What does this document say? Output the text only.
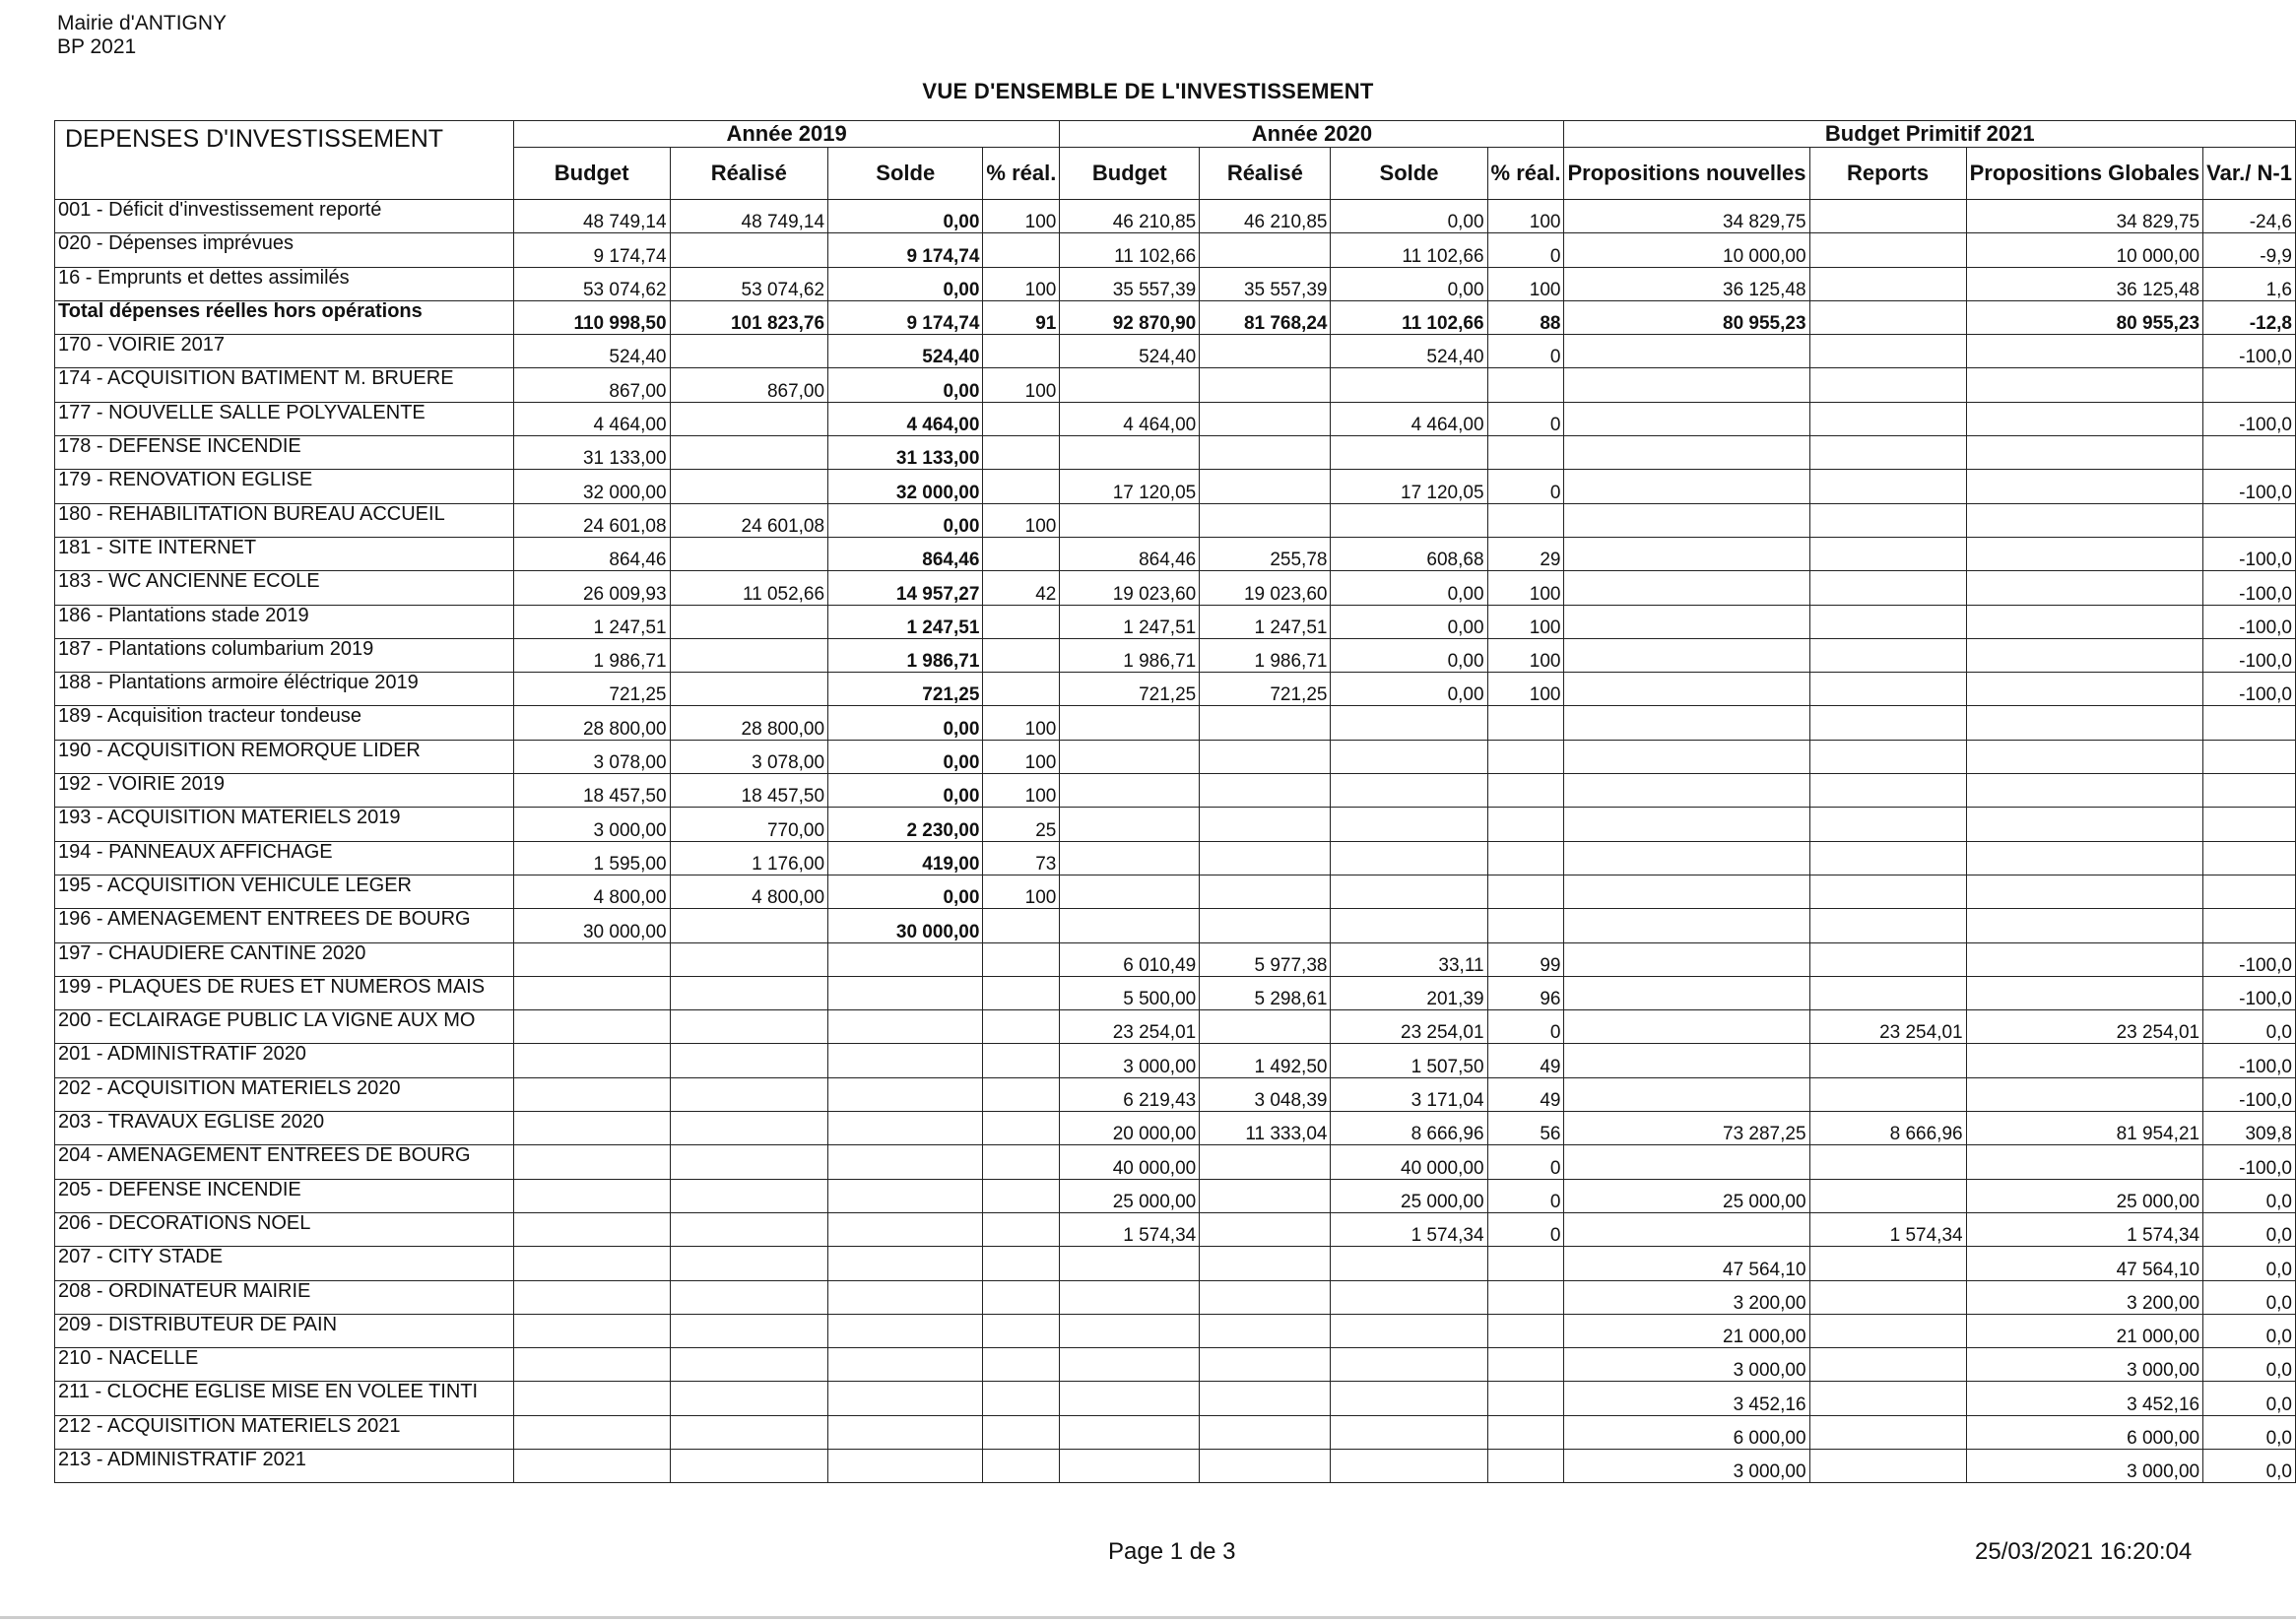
Mairie d'ANTIGNY
BP 2021
VUE D'ENSEMBLE DE L'INVESTISSEMENT
DEPENSES D'INVESTISSEMENT	Année 2019				Année 2020				Budget Primitif 2021			
	Budget	Réalisé	Solde	% réal.	Budget	Réalisé	Solde	% réal.	Propositions nouvelles	Reports	Propositions Globales	Var./ N-1
001 - Déficit d'investissement reporté	48 749,14	48 749,14	0,00	100	46 210,85	46 210,85	0,00	100	34 829,75		34 829,75	-24,6
020 - Dépenses imprévues	9 174,74		9 174,74		11 102,66		11 102,66	0	10 000,00		10 000,00	-9,9
16 - Emprunts et dettes assimilés	53 074,62	53 074,62	0,00	100	35 557,39	35 557,39	0,00	100	36 125,48		36 125,48	1,6
Total dépenses réelles hors opérations	110 998,50	101 823,76	9 174,74	91	92 870,90	81 768,24	11 102,66	88	80 955,23		80 955,23	-12,8
170 - VOIRIE 2017	524,40		524,40		524,40		524,40	0				-100,0
174 - ACQUISITION BATIMENT M. BRUERE	867,00	867,00	0,00	100								
177 - NOUVELLE SALLE POLYVALENTE	4 464,00		4 464,00		4 464,00		4 464,00	0				-100,0
178 - DEFENSE INCENDIE	31 133,00		31 133,00									
179 - RENOVATION EGLISE	32 000,00		32 000,00		17 120,05		17 120,05	0				-100,0
180 - REHABILITATION BUREAU ACCUEIL	24 601,08	24 601,08	0,00	100								
181 - SITE INTERNET	864,46		864,46		864,46	255,78	608,68	29				-100,0
183 - WC ANCIENNE ECOLE	26 009,93	11 052,66	14 957,27	42	19 023,60	19 023,60	0,00	100				-100,0
186 - Plantations stade 2019	1 247,51		1 247,51		1 247,51	1 247,51	0,00	100				-100,0
187 - Plantations columbarium 2019	1 986,71		1 986,71		1 986,71	1 986,71	0,00	100				-100,0
188 - Plantations armoire éléctrique 2019	721,25		721,25		721,25	721,25	0,00	100				-100,0
189 - Acquisition tracteur tondeuse	28 800,00	28 800,00	0,00	100								
190 - ACQUISITION REMORQUE LIDER	3 078,00	3 078,00	0,00	100								
192 - VOIRIE 2019	18 457,50	18 457,50	0,00	100								
193 - ACQUISITION MATERIELS 2019	3 000,00	770,00	2 230,00	25								
194 - PANNEAUX AFFICHAGE	1 595,00	1 176,00	419,00	73								
195 - ACQUISITION VEHICULE LEGER	4 800,00	4 800,00	0,00	100								
196 - AMENAGEMENT ENTREES DE BOURG	30 000,00		30 000,00									
197 - CHAUDIERE CANTINE 2020					6 010,49	5 977,38	33,11	99				-100,0
199 - PLAQUES DE RUES ET NUMEROS MAIS					5 500,00	5 298,61	201,39	96				-100,0
200 - ECLAIRAGE PUBLIC LA VIGNE AUX MO					23 254,01		23 254,01	0		23 254,01	23 254,01	0,0
201 - ADMINISTRATIF 2020					3 000,00	1 492,50	1 507,50	49				-100,0
202 - ACQUISITION MATERIELS 2020					6 219,43	3 048,39	3 171,04	49				-100,0
203 - TRAVAUX EGLISE 2020					20 000,00	11 333,04	8 666,96	56	73 287,25	8 666,96	81 954,21	309,8
204 - AMENAGEMENT ENTREES DE BOURG					40 000,00		40 000,00	0				-100,0
205 - DEFENSE INCENDIE					25 000,00		25 000,00	0	25 000,00		25 000,00	0,0
206 - DECORATIONS NOEL					1 574,34		1 574,34	0		1 574,34	1 574,34	0,0
207 - CITY STADE									47 564,10		47 564,10	0,0
208 - ORDINATEUR MAIRIE									3 200,00		3 200,00	0,0
209 - DISTRIBUTEUR DE PAIN									21 000,00		21 000,00	0,0
210 - NACELLE									3 000,00		3 000,00	0,0
211 - CLOCHE EGLISE MISE EN VOLEE TINTI									3 452,16		3 452,16	0,0
212 - ACQUISITION MATERIELS 2021									6 000,00		6 000,00	0,0
213 - ADMINISTRATIF 2021									3 000,00		3 000,00	0,0
Page 1 de 3	25/03/2021 16:20:04
